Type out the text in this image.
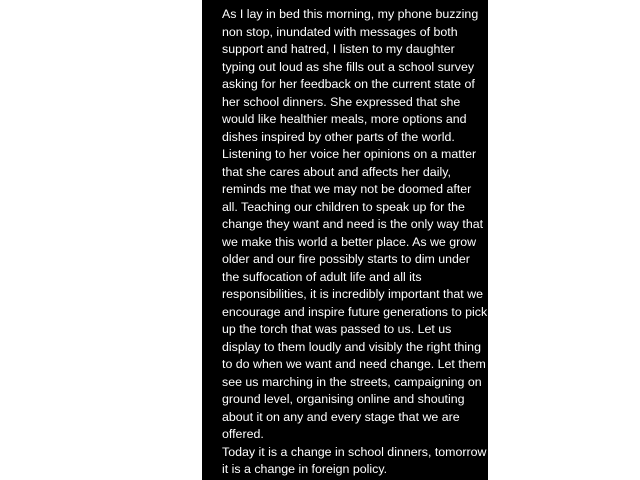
As I lay in bed this morning, my phone buzzing
non stop, inundated with messages of both
support and hatred, I listen to my daughter
typing out loud as she fills out a school survey
asking for her feedback on the current state of
her school dinners. She expressed that she
would like healthier meals, more options and
dishes inspired by other parts of the world.
Listening to her voice her opinions on a matter
that she cares about and affects her daily,
reminds me that we may not be doomed after
all. Teaching our children to speak up for the
change they want and need is the only way that
we make this world a better place. As we grow
older and our fire possibly starts to dim under
the suffocation of adult life and all its
responsibilities, it is incredibly important that we
encourage and inspire future generations to pick
up the torch that was passed to us. Let us
display to them loudly and visibly the right thing
to do when we want and need change. Let them
see us marching in the streets, campaigning on
ground level, organising online and shouting
about it on any and every stage that we are
offered.
Today it is a change in school dinners, tomorrow
it is a change in foreign policy.
